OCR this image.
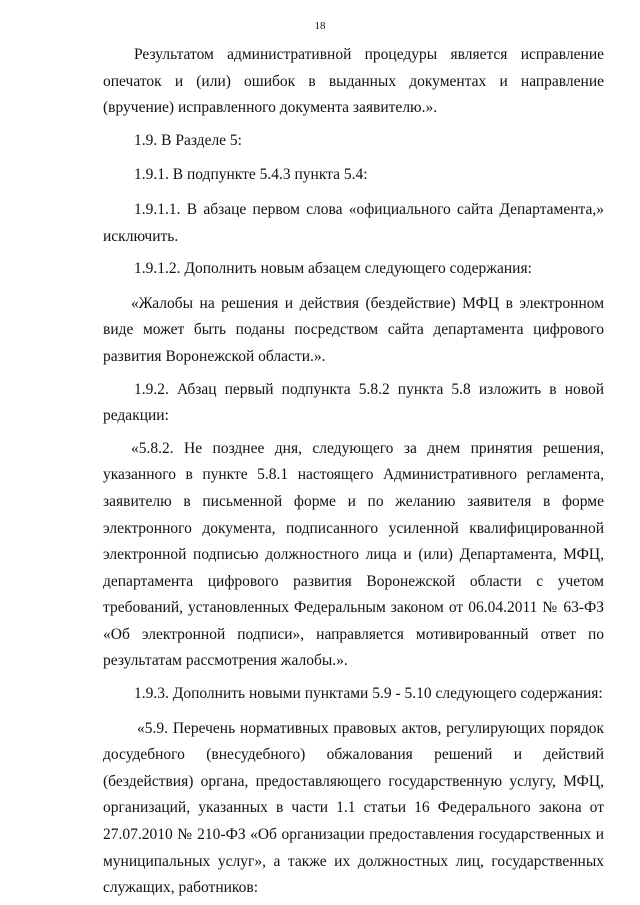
18

Результатом административной процедуры является исправление опечаток и (или) ошибок в выданных документах и направление (вручение) исправленного документа заявителю.».

1.9. В Разделе 5:

1.9.1. В подпункте 5.4.3 пункта 5.4:

1.9.1.1. В абзаце первом слова «официального сайта Департамента,» исключить.

1.9.1.2. Дополнить новым абзацем следующего содержания:

«Жалобы на решения и действия (бездействие) МФЦ в электронном виде может быть поданы посредством сайта департамента цифрового развития Воронежской области.».

1.9.2. Абзац первый подпункта 5.8.2 пункта 5.8 изложить в новой редакции:

«5.8.2. Не позднее дня, следующего за днем принятия решения, указанного в пункте 5.8.1 настоящего Административного регламента, заявителю в письменной форме и по желанию заявителя в форме электронного документа, подписанного усиленной квалифицированной электронной подписью должностного лица и (или) Департамента, МФЦ, департамента цифрового развития Воронежской области с учетом требований, установленных Федеральным законом от 06.04.2011 № 63-ФЗ «Об электронной подписи», направляется мотивированный ответ по результатам рассмотрения жалобы.».

1.9.3. Дополнить новыми пунктами 5.9 - 5.10 следующего содержания:

«5.9. Перечень нормативных правовых актов, регулирующих порядок досудебного (внесудебного) обжалования решений и действий (бездействия) органа, предоставляющего государственную услугу, МФЦ, организаций, указанных в части 1.1 статьи 16 Федерального закона от 27.07.2010 № 210-ФЗ «Об организации предоставления государственных и муниципальных услуг», а также их должностных лиц, государственных служащих, работников:
